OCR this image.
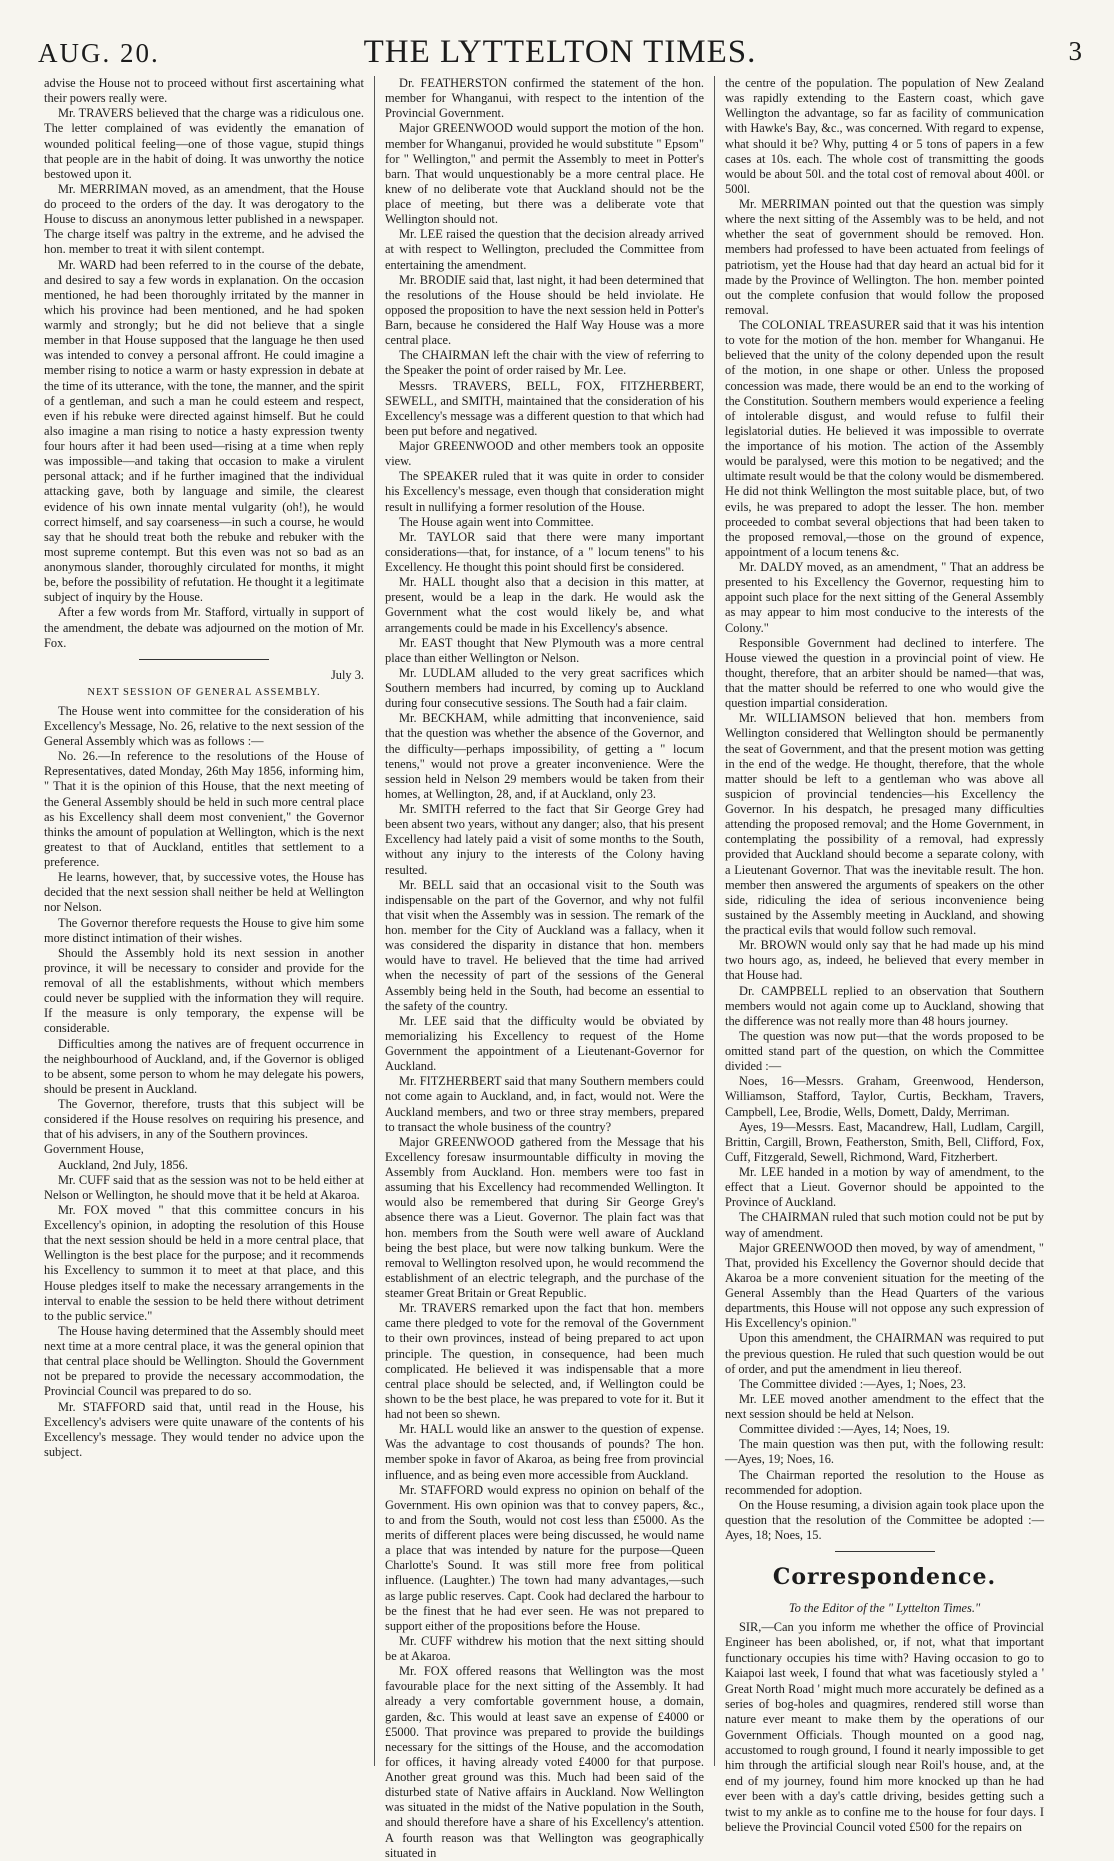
AUG. 20.	THE LYTTELTON TIMES.	3

advise the House not to proceed without first ascertaining what their powers really were.

Mr. TRAVERS believed that the charge was a ridiculous one. The letter complained of was evidently the emanation of wounded political feeling—one of those vague, stupid things that people are in the habit of doing. It was unworthy the notice bestowed upon it.

Mr. MERRIMAN moved, as an amendment, that the House do proceed to the orders of the day. It was derogatory to the House to discuss an anonymous letter published in a newspaper. The charge itself was paltry in the extreme, and he advised the hon. member to treat it with silent contempt.

Mr. WARD had been referred to in the course of the debate, and desired to say a few words in explanation. On the occasion mentioned, he had been thoroughly irritated by the manner in which his province had been mentioned, and he had spoken warmly and strongly; but he did not believe that a single member in that House supposed that the language he then used was intended to convey a personal affront. He could imagine a member rising to notice a warm or hasty expression in debate at the time of its utterance, with the tone, the manner, and the spirit of a gentleman, and such a man he could esteem and respect, even if his rebuke were directed against himself. But he could also imagine a man rising to notice a hasty expression twenty four hours after it had been used—rising at a time when reply was impossible—and taking that occasion to make a virulent personal attack; and if he further imagined that the individual attacking gave, both by language and simile, the clearest evidence of his own innate mental vulgarity (oh!), he would correct himself, and say coarseness—in such a course, he would say that he should treat both the rebuke and rebuker with the most supreme contempt. But this even was not so bad as an anonymous slander, thoroughly circulated for months, it might be, before the possibility of refutation. He thought it a legitimate subject of inquiry by the House.

After a few words from Mr. Stafford, virtually in support of the amendment, the debate was adjourned on the motion of Mr. Fox.

July 3.
NEXT SESSION OF GENERAL ASSEMBLY.

The House went into committee for the consideration of his Excellency's Message, No. 26, relative to the next session of the General Assembly which was as follows :—

No. 26.—In reference to the resolutions of the House of Representatives, dated Monday, 26th May 1856, informing him, " That it is the opinion of this House, that the next meeting of the General Assembly should be held in such more central place as his Excellency shall deem most convenient," the Governor thinks the amount of population at Wellington, which is the next greatest to that of Auckland, entitles that settlement to a preference.

He learns, however, that, by successive votes, the House has decided that the next session shall neither be held at Wellington nor Nelson.

The Governor therefore requests the House to give him some more distinct intimation of their wishes.

Should the Assembly hold its next session in another province, it will be necessary to consider and provide for the removal of all the establishments, without which members could never be supplied with the information they will require. If the measure is only temporary, the expense will be considerable.

Difficulties among the natives are of frequent occurrence in the neighbourhood of Auckland, and, if the Governor is obliged to be absent, some person to whom he may delegate his powers, should be present in Auckland.

The Governor, therefore, trusts that this subject will be considered if the House resolves on requiring his presence, and that of his advisers, in any of the Southern provinces.

Government House,

Auckland, 2nd July, 1856.

Mr. CUFF said that as the session was not to be held either at Nelson or Wellington, he should move that it be held at Akaroa.

Mr. FOX moved " that this committee concurs in his Excellency's opinion, in adopting the resolution of this House that the next session should be held in a more central place, that Wellington is the best place for the purpose; and it recommends his Excellency to summon it to meet at that place, and this House pledges itself to make the necessary arrangements in the interval to enable the session to be held there without detriment to the public service."

The House having determined that the Assembly should meet next time at a more central place, it was the general opinion that that central place should be Wellington. Should the Government not be prepared to provide the necessary accommodation, the Provincial Council was prepared to do so.

Mr. STAFFORD said that, until read in the House, his Excellency's advisers were quite unaware of the contents of his Excellency's message. They would tender no advice upon the subject.

Dr. FEATHERSTON confirmed the statement of the hon. member for Whanganui, with respect to the intention of the Provincial Government.

Major GREENWOOD would support the motion of the hon. member for Whanganui, provided he would substitute " Epsom" for " Wellington," and permit the Assembly to meet in Potter's barn. That would unquestionably be a more central place. He knew of no deliberate vote that Auckland should not be the place of meeting, but there was a deliberate vote that Wellington should not.

Mr. LEE raised the question that the decision already arrived at with respect to Wellington, precluded the Committee from entertaining the amendment.

Mr. BRODIE said that, last night, it had been determined that the resolutions of the House should be held inviolate. He opposed the proposition to have the next session held in Potter's Barn, because he considered the Half Way House was a more central place.

The CHAIRMAN left the chair with the view of referring to the Speaker the point of order raised by Mr. Lee.

Messrs. TRAVERS, BELL, FOX, FITZHERBERT, SEWELL, and SMITH, maintained that the consideration of his Excellency's message was a different question to that which had been put before and negatived.

Major GREENWOOD and other members took an opposite view.

The SPEAKER ruled that it was quite in order to consider his Excellency's message, even though that consideration might result in nullifying a former resolution of the House.

The House again went into Committee.

Mr. TAYLOR said that there were many important considerations—that, for instance, of a " locum tenens" to his Excellency. He thought this point should first be considered.

Mr. HALL thought also that a decision in this matter, at present, would be a leap in the dark. He would ask the Government what the cost would likely be, and what arrangements could be made in his Excellency's absence.

Mr. EAST thought that New Plymouth was a more central place than either Wellington or Nelson.

Mr. LUDLAM alluded to the very great sacrifices which Southern members had incurred, by coming up to Auckland during four consecutive sessions. The South had a fair claim.

Mr. BECKHAM, while admitting that inconvenience, said that the question was whether the absence of the Governor, and the difficulty—perhaps impossibility, of getting a " locum tenens," would not prove a greater inconvenience. Were the session held in Nelson 29 members would be taken from their homes, at Wellington, 28, and, if at Auckland, only 23.

Mr. SMITH referred to the fact that Sir George Grey had been absent two years, without any danger; also, that his present Excellency had lately paid a visit of some months to the South, without any injury to the interests of the Colony having resulted.

Mr. BELL said that an occasional visit to the South was indispensable on the part of the Governor, and why not fulfil that visit when the Assembly was in session. The remark of the hon. member for the City of Auckland was a fallacy, when it was considered the disparity in distance that hon. members would have to travel. He believed that the time had arrived when the necessity of part of the sessions of the General Assembly being held in the South, had become an essential to the safety of the country.

Mr. LEE said that the difficulty would be obviated by memorializing his Excellency to request of the Home Government the appointment of a Lieutenant-Governor for Auckland.

Mr. FITZHERBERT said that many Southern members could not come again to Auckland, and, in fact, would not. Were the Auckland members, and two or three stray members, prepared to transact the whole business of the country?

Major GREENWOOD gathered from the Message that his Excellency foresaw insurmountable difficulty in moving the Assembly from Auckland. Hon. members were too fast in assuming that his Excellency had recommended Wellington. It would also be remembered that during Sir George Grey's absence there was a Lieut. Governor. The plain fact was that hon. members from the South were well aware of Auckland being the best place, but were now talking bunkum. Were the removal to Wellington resolved upon, he would recommend the establishment of an electric telegraph, and the purchase of the steamer Great Britain or Great Republic.

Mr. TRAVERS remarked upon the fact that hon. members came there pledged to vote for the removal of the Government to their own provinces, instead of being prepared to act upon principle. The question, in consequence, had been much complicated. He believed it was indispensable that a more central place should be selected, and, if Wellington could be shown to be the best place, he was prepared to vote for it. But it had not been so shewn.

Mr. HALL would like an answer to the question of expense. Was the advantage to cost thousands of pounds? The hon. member spoke in favor of Akaroa, as being free from provincial influence, and as being even more accessible from Auckland.

Mr. STAFFORD would express no opinion on behalf of the Government. His own opinion was that to convey papers, &c., to and from the South, would not cost less than £5000. As the merits of different places were being discussed, he would name a place that was intended by nature for the purpose—Queen Charlotte's Sound. It was still more free from political influence. (Laughter.) The town had many advantages,—such as large public reserves. Capt. Cook had declared the harbour to be the finest that he had ever seen. He was not prepared to support either of the propositions before the House.

Mr. CUFF withdrew his motion that the next sitting should be at Akaroa.

Mr. FOX offered reasons that Wellington was the most favourable place for the next sitting of the Assembly. It had already a very comfortable government house, a domain, garden, &c. This would at least save an expense of £4000 or £5000. That province was prepared to provide the buildings necessary for the sittings of the House, and the accomodation for offices, it having already voted £4000 for that purpose. Another great ground was this. Much had been said of the disturbed state of Native affairs in Auckland. Now Wellington was situated in the midst of the Native population in the South, and should therefore have a share of his Excellency's attention. A fourth reason was that Wellington was geographically situated in

the centre of the population. The population of New Zealand was rapidly extending to the Eastern coast, which gave Wellington the advantage, so far as facility of communication with Hawke's Bay, &c., was concerned. With regard to expense, what should it be? Why, putting 4 or 5 tons of papers in a few cases at 10s. each. The whole cost of transmitting the goods would be about 50l. and the total cost of removal about 400l. or 500l.

Mr. MERRIMAN pointed out that the question was simply where the next sitting of the Assembly was to be held, and not whether the seat of government should be removed. Hon. members had professed to have been actuated from feelings of patriotism, yet the House had that day heard an actual bid for it made by the Province of Wellington. The hon. member pointed out the complete confusion that would follow the proposed removal.

The COLONIAL TREASURER said that it was his intention to vote for the motion of the hon. member for Whanganui. He believed that the unity of the colony depended upon the result of the motion, in one shape or other. Unless the proposed concession was made, there would be an end to the working of the Constitution. Southern members would experience a feeling of intolerable disgust, and would refuse to fulfil their legislatorial duties. He believed it was impossible to overrate the importance of his motion. The action of the Assembly would be paralysed, were this motion to be negatived; and the ultimate result would be that the colony would be dismembered. He did not think Wellington the most suitable place, but, of two evils, he was prepared to adopt the lesser. The hon. member proceeded to combat several objections that had been taken to the proposed removal,—those on the ground of expence, appointment of a locum tenens &c.

Mr. DALDY moved, as an amendment, " That an address be presented to his Excellency the Governor, requesting him to appoint such place for the next sitting of the General Assembly as may appear to him most conducive to the interests of the Colony."

Responsible Government had declined to interfere. The House viewed the question in a provincial point of view. He thought, therefore, that an arbiter should be named—that was, that the matter should be referred to one who would give the question impartial consideration.

Mr. WILLIAMSON believed that hon. members from Wellington considered that Wellington should be permanently the seat of Government, and that the present motion was getting in the end of the wedge. He thought, therefore, that the whole matter should be left to a gentleman who was above all suspicion of provincial tendencies—his Excellency the Governor. In his despatch, he presaged many difficulties attending the proposed removal; and the Home Government, in contemplating the possibility of a removal, had expressly provided that Auckland should become a separate colony, with a Lieutenant Governor. That was the inevitable result. The hon. member then answered the arguments of speakers on the other side, ridiculing the idea of serious inconvenience being sustained by the Assembly meeting in Auckland, and showing the practical evils that would follow such removal.

Mr. BROWN would only say that he had made up his mind two hours ago, as, indeed, he believed that every member in that House had.

Dr. CAMPBELL replied to an observation that Southern members would not again come up to Auckland, showing that the difference was not really more than 48 hours journey.

The question was now put—that the words proposed to be omitted stand part of the question, on which the Committee divided :—

Noes, 16—Messrs. Graham, Greenwood, Henderson, Williamson, Stafford, Taylor, Curtis, Beckham, Travers, Campbell, Lee, Brodie, Wells, Domett, Daldy, Merriman.

Ayes, 19—Messrs. East, Macandrew, Hall, Ludlam, Cargill, Brittin, Cargill, Brown, Featherston, Smith, Bell, Clifford, Fox, Cuff, Fitzgerald, Sewell, Richmond, Ward, Fitzherbert.

Mr. LEE handed in a motion by way of amendment, to the effect that a Lieut. Governor should be appointed to the Province of Auckland.

The CHAIRMAN ruled that such motion could not be put by way of amendment.

Major GREENWOOD then moved, by way of amendment, " That, provided his Excellency the Governor should decide that Akaroa be a more convenient situation for the meeting of the General Assembly than the Head Quarters of the various departments, this House will not oppose any such expression of His Excellency's opinion."

Upon this amendment, the CHAIRMAN was required to put the previous question. He ruled that such question would be out of order, and put the amendment in lieu thereof.

The Committee divided :—Ayes, 1; Noes, 23.

Mr. LEE moved another amendment to the effect that the next session should be held at Nelson.

Committee divided :—Ayes, 14; Noes, 19.

The main question was then put, with the following result: —Ayes, 19; Noes, 16.

The Chairman reported the resolution to the House as recommended for adoption.

On the House resuming, a division again took place upon the question that the resolution of the Committee be adopted :—Ayes, 18; Noes, 15.

Correspondence.
To the Editor of the " Lyttelton Times."

SIR,—Can you inform me whether the office of Provincial Engineer has been abolished, or, if not, what that important functionary occupies his time with? Having occasion to go to Kaiapoi last week, I found that what was facetiously styled a ' Great North Road ' might much more accurately be defined as a series of bog-holes and quagmires, rendered still worse than nature ever meant to make them by the operations of our Government Officials. Though mounted on a good nag, accustomed to rough ground, I found it nearly impossible to get him through the artificial slough near Roil's house, and, at the end of my journey, found him more knocked up than he had ever been with a day's cattle driving, besides getting such a twist to my ankle as to confine me to the house for four days. I believe the Provincial Council voted £500 for the repairs on
